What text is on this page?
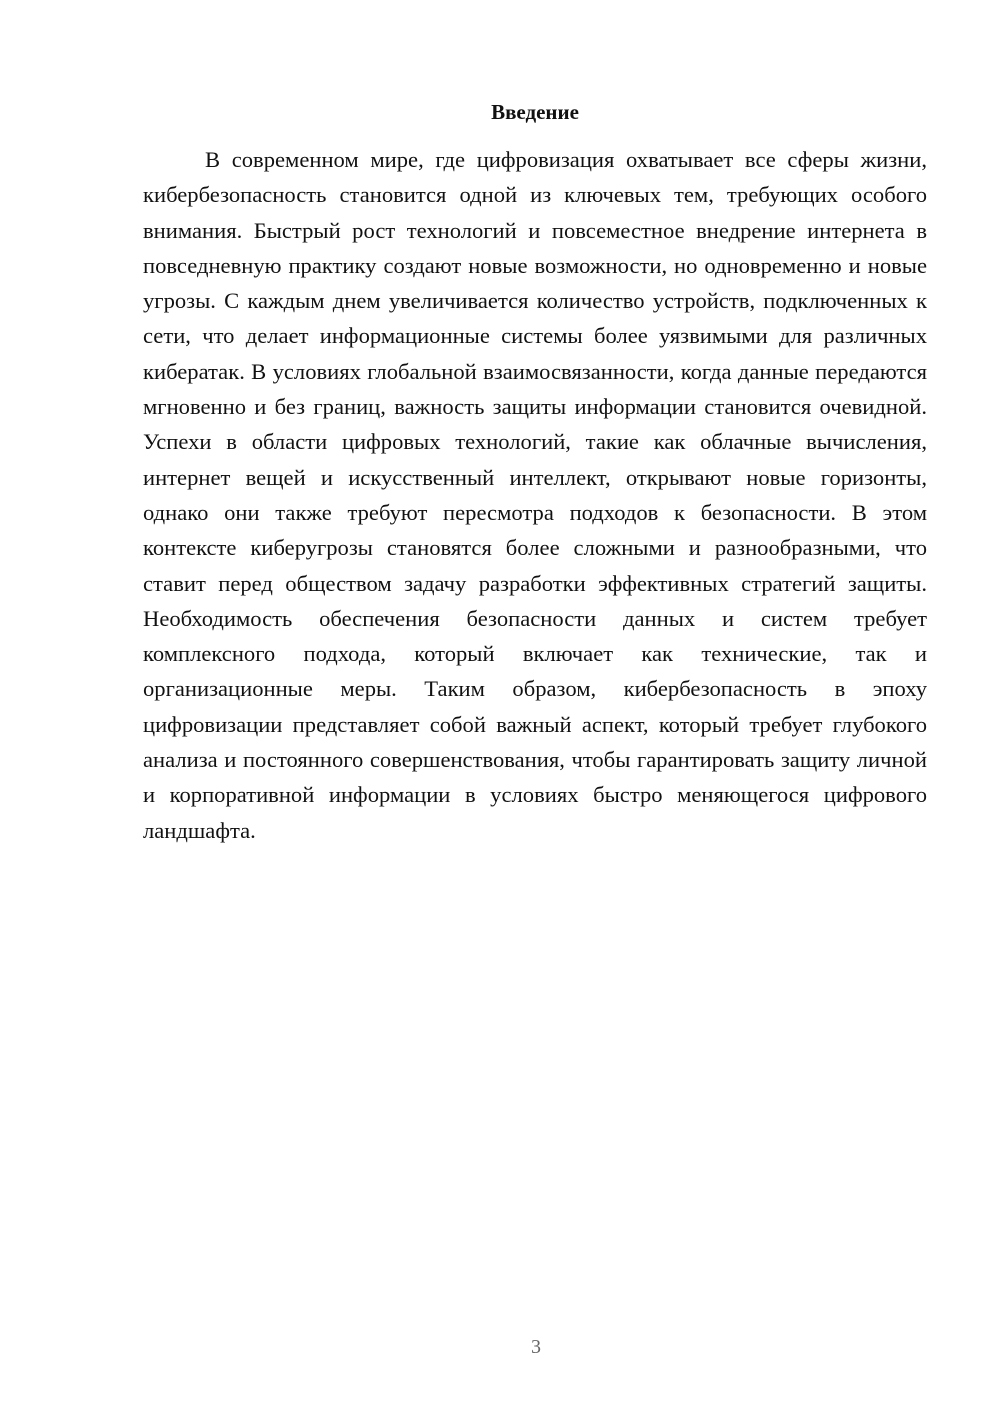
Введение

В современном мире, где цифровизация охватывает все сферы жизни, кибербезопасность становится одной из ключевых тем, требующих особого внимания. Быстрый рост технологий и повсеместное внедрение интернета в повседневную практику создают новые возможности, но одновременно и новые угрозы. С каждым днем увеличивается количество устройств, подключенных к сети, что делает информационные системы более уязвимыми для различных кибератак. В условиях глобальной взаимосвязанности, когда данные передаются мгновенно и без границ, важность защиты информации становится очевидной. Успехи в области цифровых технологий, такие как облачные вычисления, интернет вещей и искусственный интеллект, открывают новые горизонты, однако они также требуют пересмотра подходов к безопасности. В этом контексте киберугрозы становятся более сложными и разнообразными, что ставит перед обществом задачу разработки эффективных стратегий защиты. Необходимость обеспечения безопасности данных и систем требует комплексного подхода, который включает как технические, так и организационные меры. Таким образом, кибербезопасность в эпоху цифровизации представляет собой важный аспект, который требует глубокого анализа и постоянного совершенствования, чтобы гарантировать защиту личной и корпоративной информации в условиях быстро меняющегося цифрового ландшафта.

3
